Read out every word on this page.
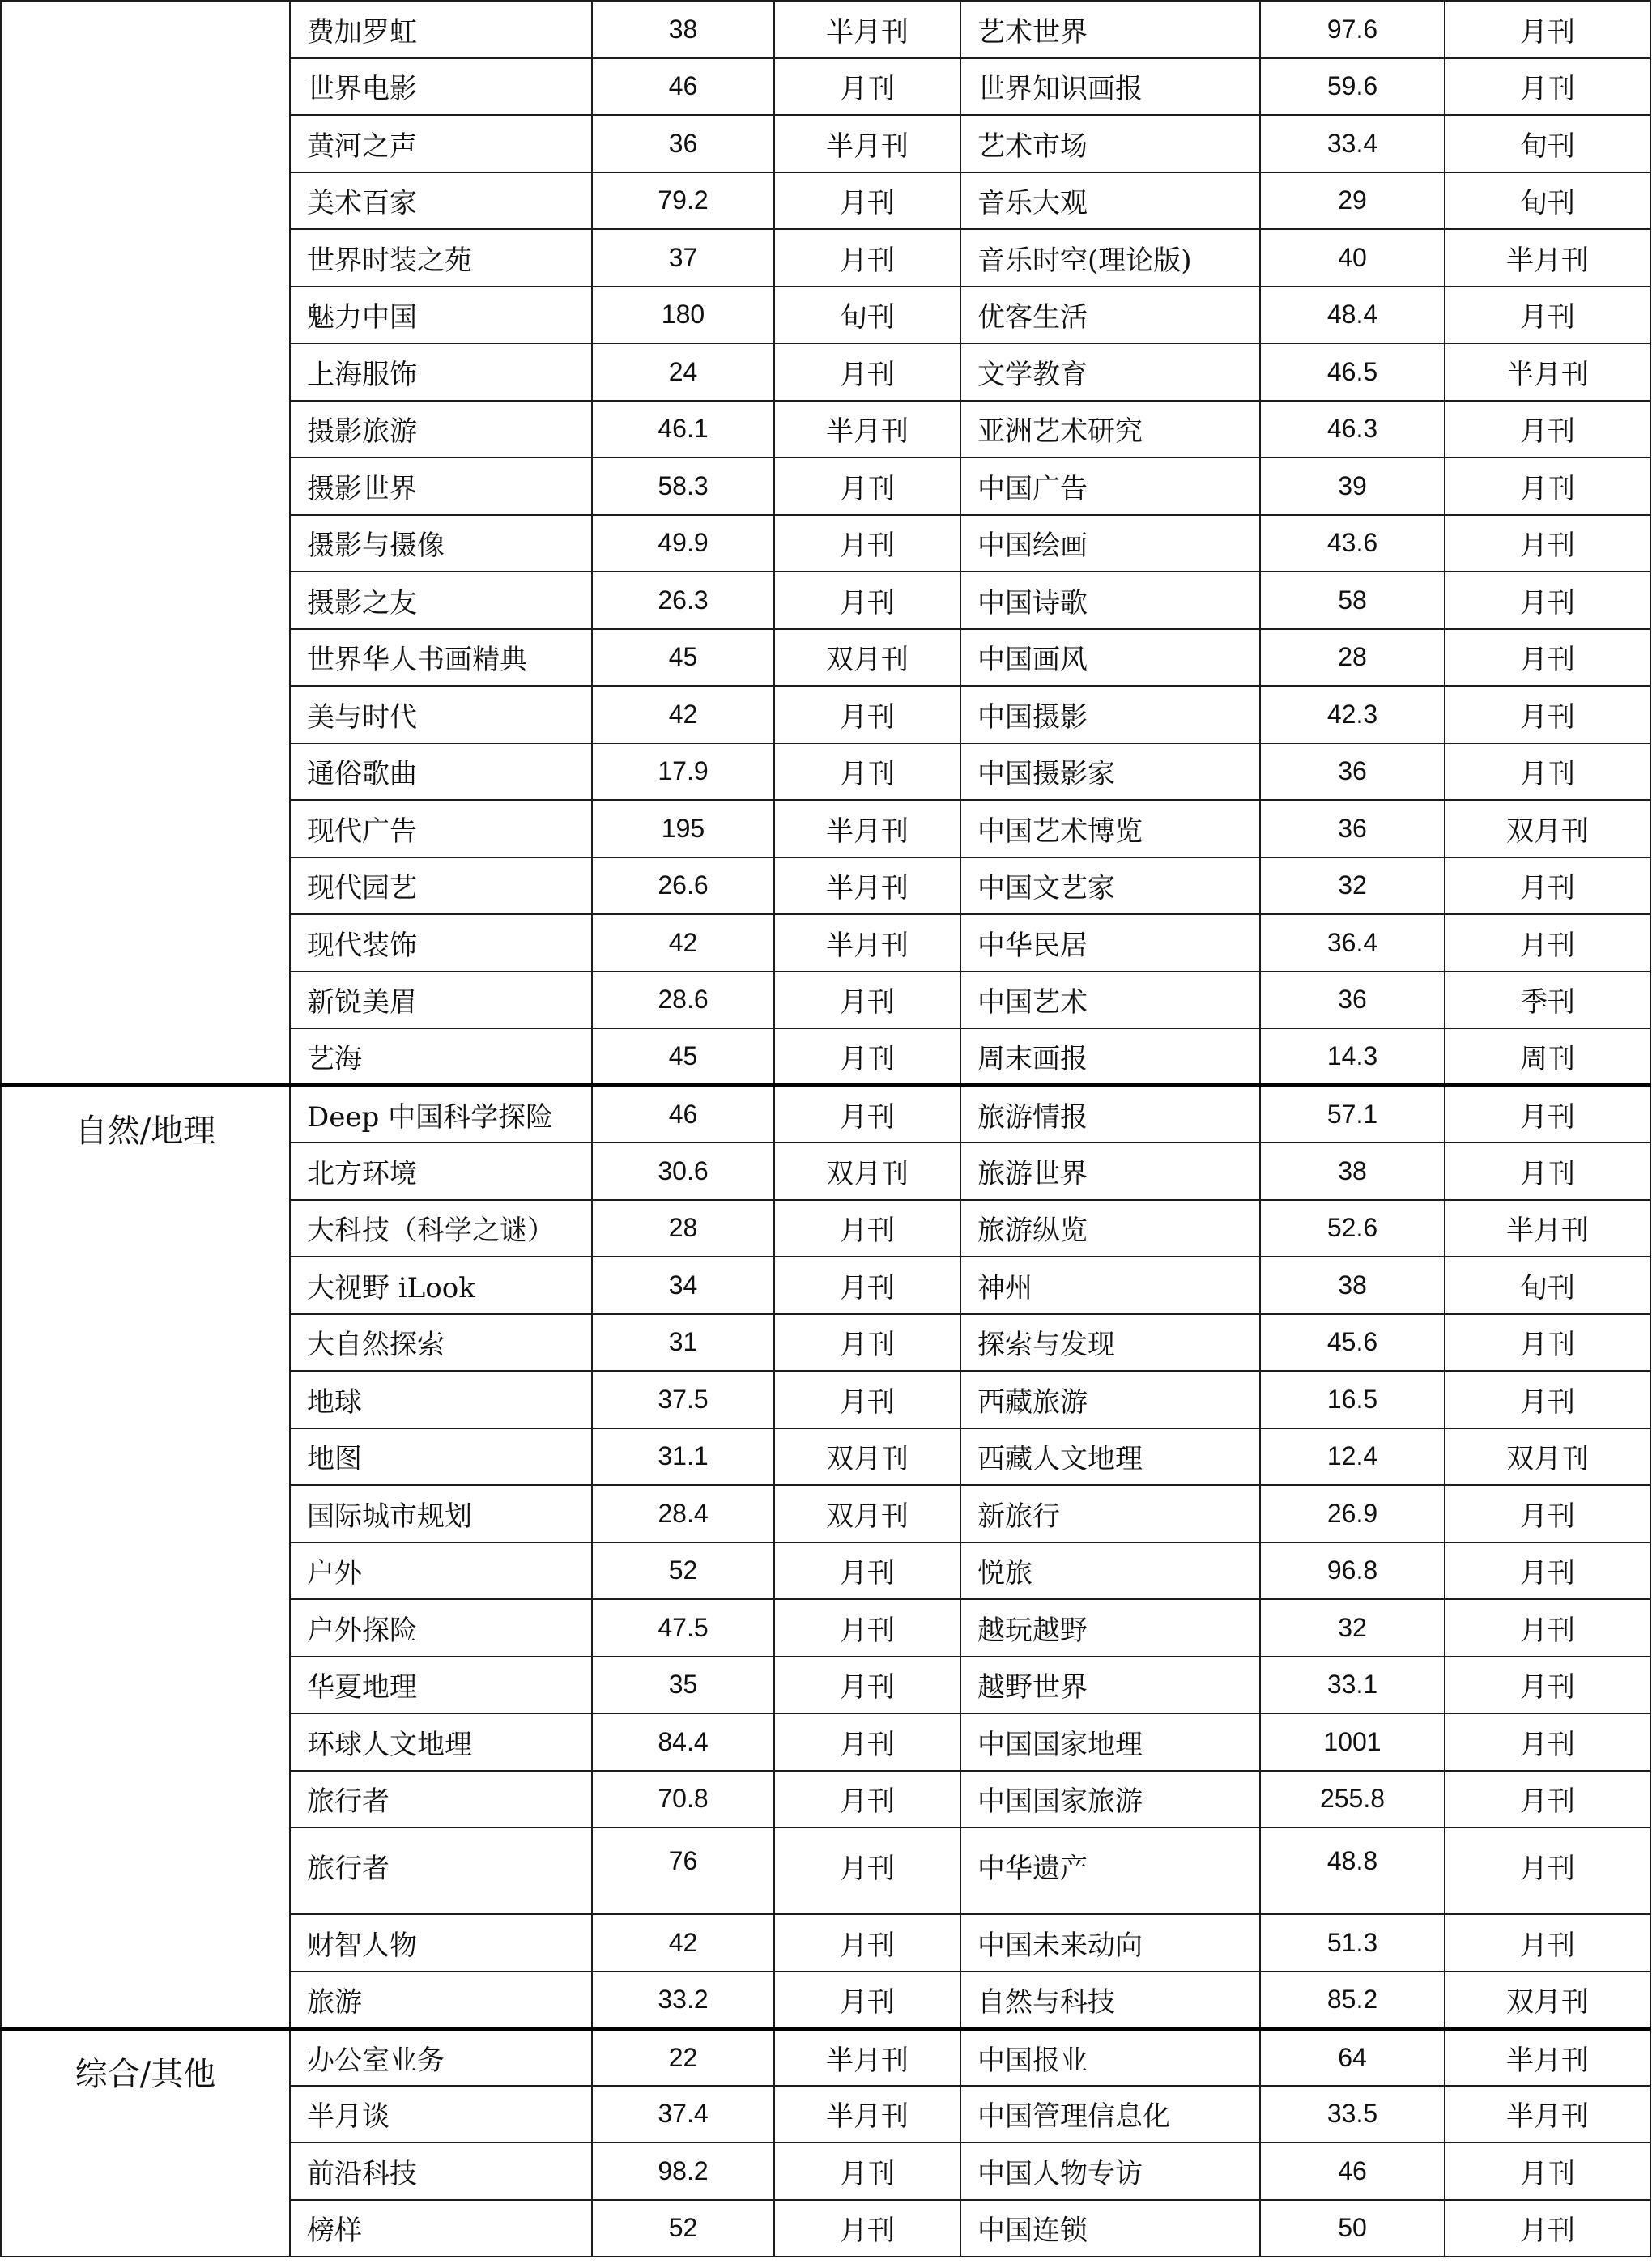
	费加罗虹	38	半月刊	艺术世界	97.6	月刊
	世界电影	46	月刊	世界知识画报	59.6	月刊
	黄河之声	36	半月刊	艺术市场	33.4	旬刊
	美术百家	79.2	月刊	音乐大观	29	旬刊
	世界时装之苑	37	月刊	音乐时空(理论版)	40	半月刊
	魅力中国	180	旬刊	优客生活	48.4	月刊
	上海服饰	24	月刊	文学教育	46.5	半月刊
	摄影旅游	46.1	半月刊	亚洲艺术研究	46.3	月刊
	摄影世界	58.3	月刊	中国广告	39	月刊
	摄影与摄像	49.9	月刊	中国绘画	43.6	月刊
	摄影之友	26.3	月刊	中国诗歌	58	月刊
	世界华人书画精典	45	双月刊	中国画风	28	月刊
	美与时代	42	月刊	中国摄影	42.3	月刊
	通俗歌曲	17.9	月刊	中国摄影家	36	月刊
	现代广告	195	半月刊	中国艺术博览	36	双月刊
	现代园艺	26.6	半月刊	中国文艺家	32	月刊
	现代装饰	42	半月刊	中华民居	36.4	月刊
	新锐美眉	28.6	月刊	中国艺术	36	季刊
	艺海	45	月刊	周末画报	14.3	周刊
自然/地理	Deep 中国科学探险	46	月刊	旅游情报	57.1	月刊
	北方环境	30.6	双月刊	旅游世界	38	月刊
	大科技（科学之谜）	28	月刊	旅游纵览	52.6	半月刊
	大视野 iLook	34	月刊	神州	38	旬刊
	大自然探索	31	月刊	探索与发现	45.6	月刊
	地球	37.5	月刊	西藏旅游	16.5	月刊
	地图	31.1	双月刊	西藏人文地理	12.4	双月刊
	国际城市规划	28.4	双月刊	新旅行	26.9	月刊
	户外	52	月刊	悦旅	96.8	月刊
	户外探险	47.5	月刊	越玩越野	32	月刊
	华夏地理	35	月刊	越野世界	33.1	月刊
	环球人文地理	84.4	月刊	中国国家地理	1001	月刊
	旅行者	70.8	月刊	中国国家旅游	255.8	月刊
	旅行者	76	月刊	中华遗产	48.8	月刊
	财智人物	42	月刊	中国未来动向	51.3	月刊
	旅游	33.2	月刊	自然与科技	85.2	双月刊
综合/其他	办公室业务	22	半月刊	中国报业	64	半月刊
	半月谈	37.4	半月刊	中国管理信息化	33.5	半月刊
	前沿科技	98.2	月刊	中国人物专访	46	月刊
	榜样	52	月刊	中国连锁	50	月刊
